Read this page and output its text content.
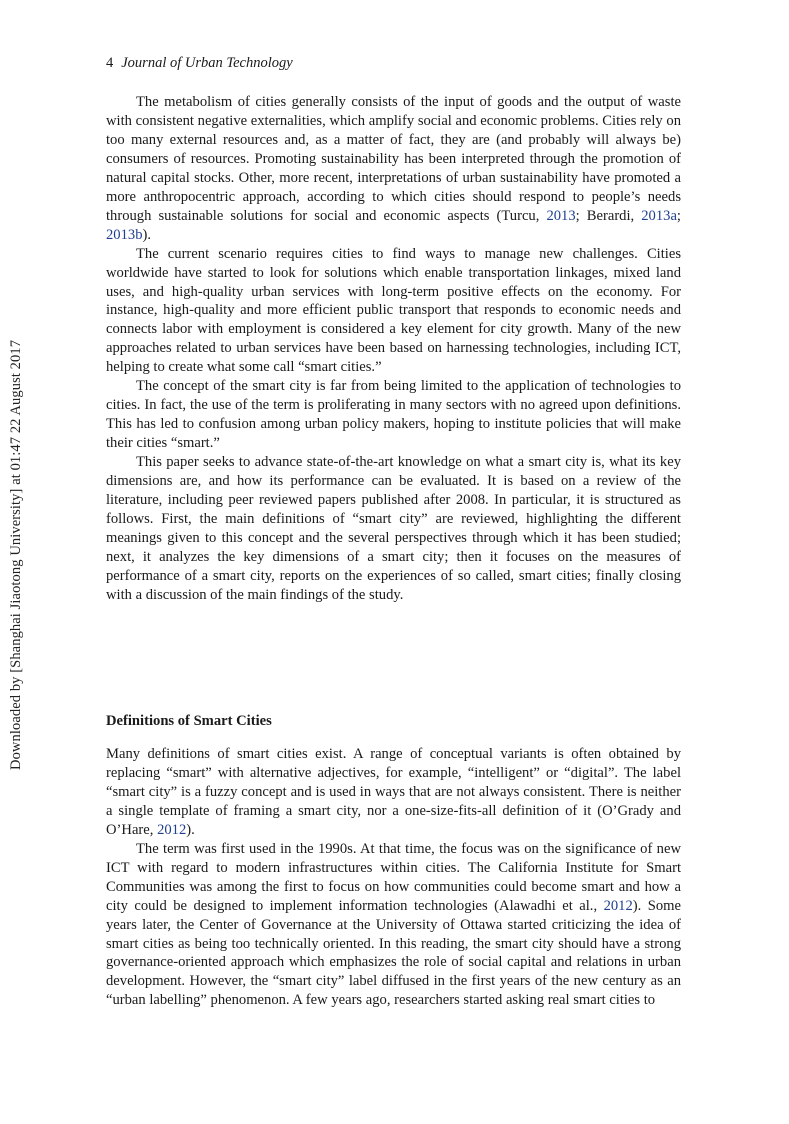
Downloaded by [Shanghai Jiaotong University] at 01:47 22 August 2017
4 Journal of Urban Technology

The metabolism of cities generally consists of the input of goods and the output of waste with consistent negative externalities, which amplify social and economic problems. Cities rely on too many external resources and, as a matter of fact, they are (and probably will always be) consumers of resources. Promoting sustainability has been interpreted through the promotion of natural capital stocks. Other, more recent, interpretations of urban sustainability have promoted a more anthropocentric approach, according to which cities should respond to people’s needs through sustainable solutions for social and economic aspects (Turcu, 2013; Berardi, 2013a; 2013b).

The current scenario requires cities to find ways to manage new challenges. Cities worldwide have started to look for solutions which enable transportation linkages, mixed land uses, and high-quality urban services with long-term positive effects on the economy. For instance, high-quality and more efficient public transport that responds to economic needs and connects labor with employment is considered a key element for city growth. Many of the new approaches related to urban services have been based on harnessing technologies, including ICT, helping to create what some call “smart cities.”

The concept of the smart city is far from being limited to the application of technologies to cities. In fact, the use of the term is proliferating in many sectors with no agreed upon definitions. This has led to confusion among urban policy makers, hoping to institute policies that will make their cities “smart.”

This paper seeks to advance state-of-the-art knowledge on what a smart city is, what its key dimensions are, and how its performance can be evaluated. It is based on a review of the literature, including peer reviewed papers published after 2008. In particular, it is structured as follows. First, the main definitions of “smart city” are reviewed, highlighting the different meanings given to this concept and the several perspectives through which it has been studied; next, it analyzes the key dimensions of a smart city; then it focuses on the measures of performance of a smart city, reports on the experiences of so called, smart cities; finally closing with a discussion of the main findings of the study.

Definitions of Smart Cities

Many definitions of smart cities exist. A range of conceptual variants is often obtained by replacing “smart” with alternative adjectives, for example, “intelligent” or “digital”. The label “smart city” is a fuzzy concept and is used in ways that are not always consistent. There is neither a single template of framing a smart city, nor a one-size-fits-all definition of it (O’Grady and O’Hare, 2012).

The term was first used in the 1990s. At that time, the focus was on the significance of new ICT with regard to modern infrastructures within cities. The California Institute for Smart Communities was among the first to focus on how communities could become smart and how a city could be designed to implement information technologies (Alawadhi et al., 2012). Some years later, the Center of Governance at the University of Ottawa started criticizing the idea of smart cities as being too technically oriented. In this reading, the smart city should have a strong governance-oriented approach which emphasizes the role of social capital and relations in urban development. However, the “smart city” label diffused in the first years of the new century as an “urban labelling” phenomenon. A few years ago, researchers started asking real smart cities to
